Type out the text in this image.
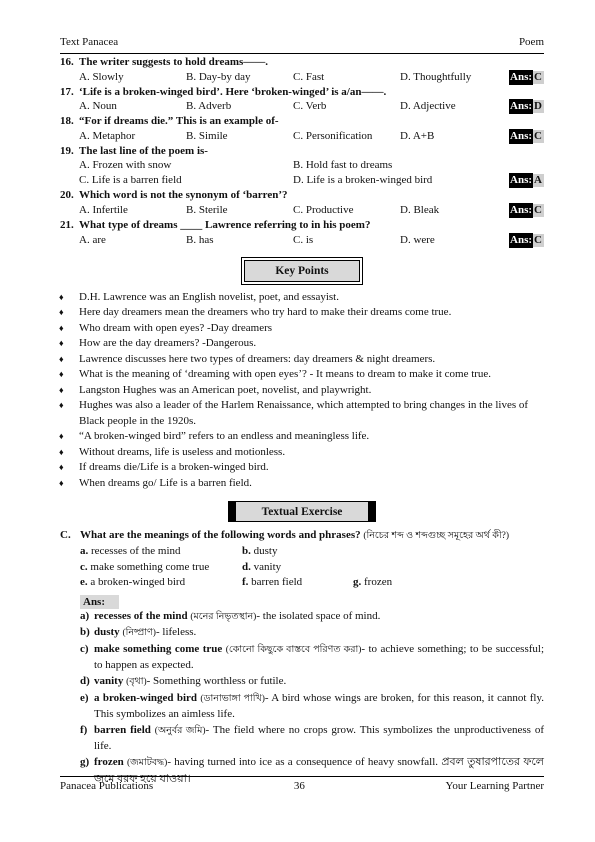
Text Panacea	Poem
16. The writer suggests to hold dreams——.
A. Slowly	B. Day-by day	C. Fast	D. Thoughtfully	Ans: C
17. ‘Life is a broken-winged bird’. Here ‘broken-winged’ is a/an——.
A. Noun	B. Adverb	C. Verb	D. Adjective	Ans: D
18. “For if dreams die.” This is an example of-
A. Metaphor	B. Simile	C. Personification	D. A+B	Ans: C
19. The last line of the poem is-
A. Frozen with snow	B. Hold fast to dreams
C. Life is a barren field	D. Life is a broken-winged bird	Ans: A
20. Which word is not the synonym of ‘barren’?
A. Infertile	B. Sterile	C. Productive	D. Bleak	Ans: C
21. What type of dreams ____ Lawrence referring to in his poem?
A. are	B. has	C. is	D. were	Ans: C
Key Points
♦ D.H. Lawrence was an English novelist, poet, and essayist.
♦ Here day dreamers mean the dreamers who try hard to make their dreams come true.
♦ Who dream with open eyes? -Day dreamers
♦ How are the day dreamers? -Dangerous.
♦ Lawrence discusses here two types of dreamers: day dreamers & night dreamers.
♦ What is the meaning of ‘dreaming with open eyes’? - It means to dream to make it come true.
♦ Langston Hughes was an American poet, novelist, and playwright.
♦ Hughes was also a leader of the Harlem Renaissance, which attempted to bring changes in the lives of Black people in the 1920s.
♦ “A broken-winged bird” refers to an endless and meaningless life.
♦ Without dreams, life is useless and motionless.
♦ If dreams die/Life is a broken-winged bird.
♦ When dreams go/ Life is a barren field.
Textual Exercise
C. What are the meanings of the following words and phrases? (নিচের শব্দ ও শব্দগুচ্ছ সমূহের অর্থ কী?)
a. recesses of the mind	b. dusty
c. make something come true	d. vanity
e. a broken-winged bird	f. barren field	g. frozen
Ans:
a) recesses of the mind (মনের নিভৃতস্থান)- the isolated space of mind.
b) dusty (নিষ্প্রাণ)- lifeless.
c) make something come true (কোনো কিছুকে বাস্তবে পরিণত করা)- to achieve something; to be successful; to happen as expected.
d) vanity (বৃথা)- Something worthless or futile.
e) a broken-winged bird (ডানাভাঙ্গা পাখি)- A bird whose wings are broken, for this reason, it cannot fly. This symbolizes an aimless life.
f) barren field (অনুর্বর জমি)- The field where no crops grow. This symbolizes the unproductiveness of life.
g) frozen (জমাটবদ্ধ)- having turned into ice as a consequence of heavy snowfall. প্রবল তুষারপাতের ফলে জমে বরফ হয়ে যাওয়া।
Panacea Publications	36	Your Learning Partner
